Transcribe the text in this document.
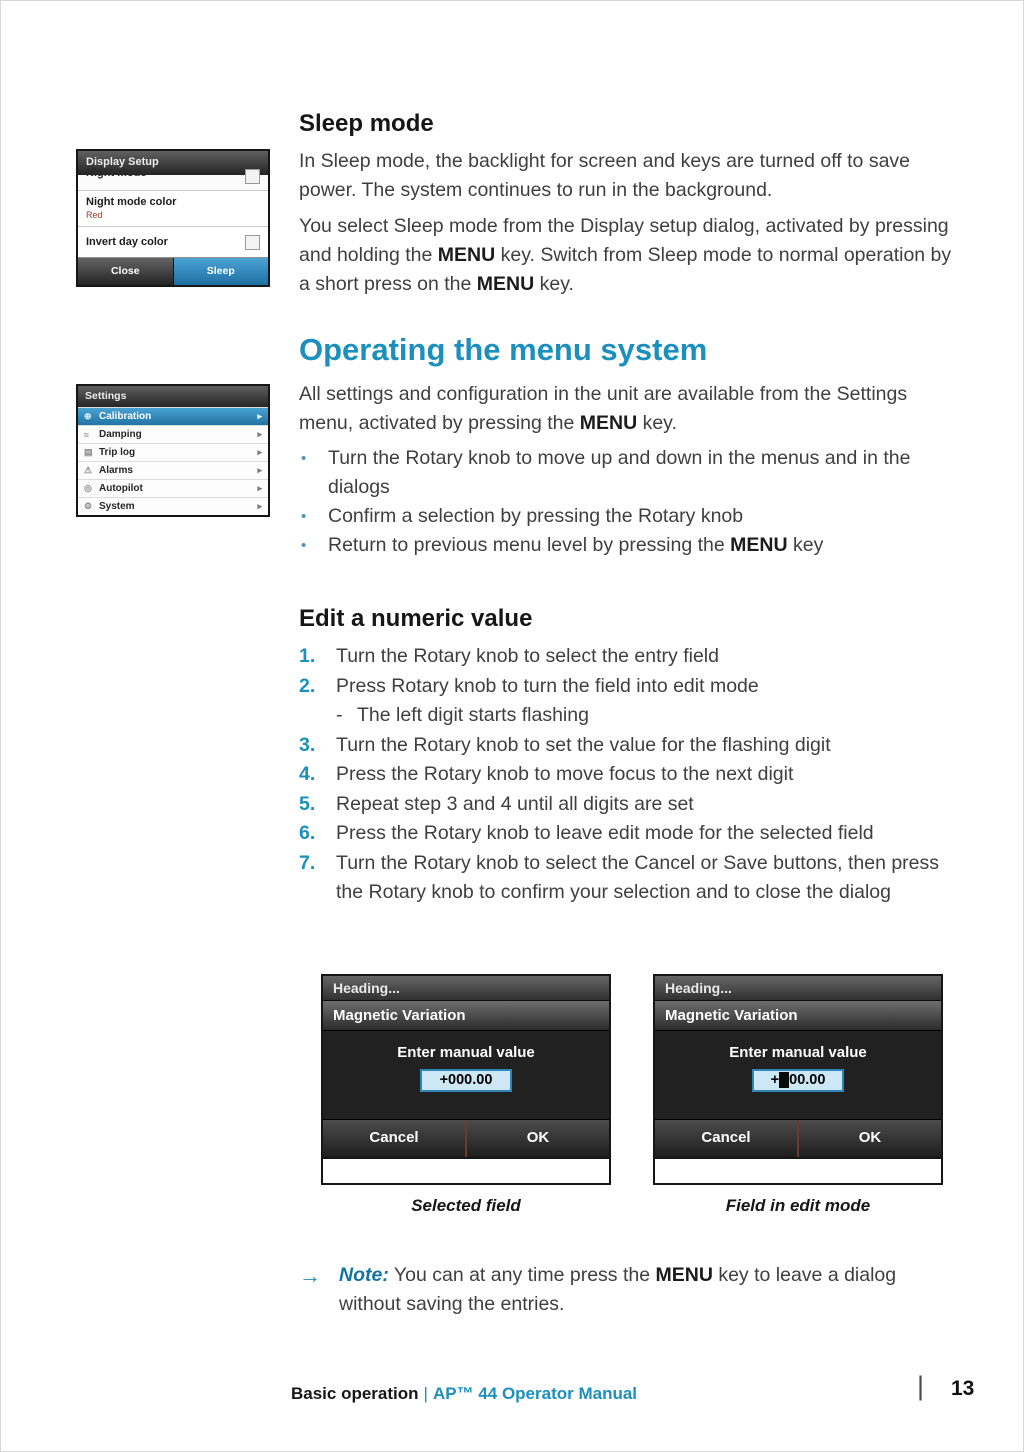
Display Setup
Night mode
Night mode color
Red
Invert day color
Close	Sleep
Sleep mode
In Sleep mode, the backlight for screen and keys are turned off to save power. The system continues to run in the background.
You select Sleep mode from the Display setup dialog, activated by pressing and holding the MENU key. Switch from Sleep mode to normal operation by a short press on the MENU key.
Operating the menu system
All settings and configuration in the unit are available from the Settings menu, activated by pressing the MENU key.
•	Turn the Rotary knob to move up and down in the menus and in the dialogs
•	Confirm a selection by pressing the Rotary knob
•	Return to previous menu level by pressing the MENU key
Settings
⊕ Calibration	▸
≈	Damping	▸
▤ Trip log	▸
⚠ Alarms	▸
◎ Autopilot	▸
⚙ System	▸
Edit a numeric value
1.	Turn the Rotary knob to select the entry field
2.	Press Rotary knob to turn the field into edit mode
- The left digit starts flashing
3.	Turn the Rotary knob to set the value for the flashing digit
4.	Press the Rotary knob to move focus to the next digit
5.	Repeat step 3 and 4 until all digits are set
6.	Press the Rotary knob to leave edit mode for the selected field
7.	Turn the Rotary knob to select the Cancel or Save buttons, then press the Rotary knob to confirm your selection and to close the dialog
Heading...
Magnetic Variation
Enter manual value
+000.00
Cancel	OK
Selected field
Heading...
Magnetic Variation
Enter manual value
+000.00
Cancel	OK
Field in edit mode
→ Note: You can at any time press the MENU key to leave a dialog without saving the entries.
Basic operation | AP™ 44 Operator Manual	| 13
